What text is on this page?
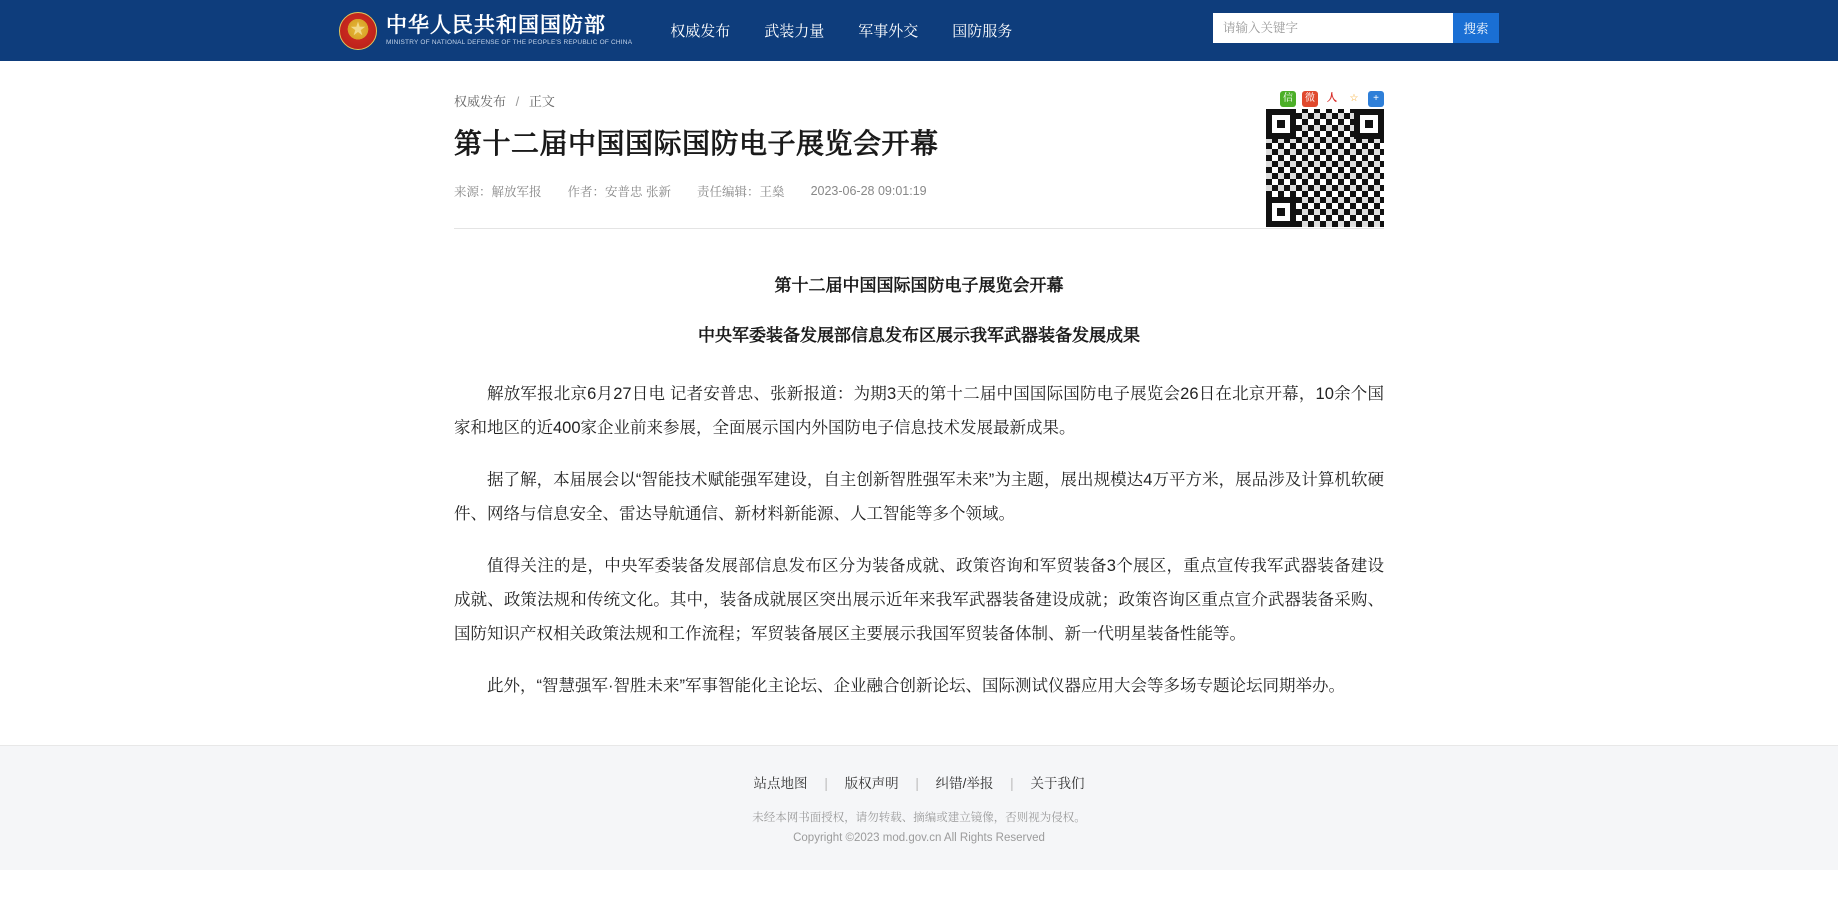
中华人民共和国国防部
MINISTRY OF NATIONAL DEFENSE OF THE PEOPLE'S REPUBLIC OF CHINA
权威发布 武装力量 军事外交 国防服务
请输入关键字	搜索
权威发布 / 正文	信	微	人	☆	+
第十二届中国国际国防电子展览会开幕
来源：解放军报 作者：安普忠 张新 责任编辑：王燊 2023-06-28 09:01:19
第十二届中国国际国防电子展览会开幕
中央军委装备发展部信息发布区展示我军武器装备发展成果

解放军报北京6月27日电 记者安普忠、张新报道：为期3天的第十二届中国国际国防电子展览会26日在北京开幕，10余个国家和地区的近400家企业前来参展，全面展示国内外国防电子信息技术发展最新成果。

据了解，本届展会以“智能技术赋能强军建设，自主创新智胜强军未来”为主题，展出规模达4万平方米，展品涉及计算机软硬件、网络与信息安全、雷达导航通信、新材料新能源、人工智能等多个领域。

值得关注的是，中央军委装备发展部信息发布区分为装备成就、政策咨询和军贸装备3个展区，重点宣传我军武器装备建设成就、政策法规和传统文化。其中，装备成就展区突出展示近年来我军武器装备建设成就；政策咨询区重点宣介武器装备采购、国防知识产权相关政策法规和工作流程；军贸装备展区主要展示我国军贸装备体制、新一代明星装备性能等。

此外，“智慧强军·智胜未来”军事智能化主论坛、企业融合创新论坛、国际测试仪器应用大会等多场专题论坛同期举办。

站点地图 | 版权声明 | 纠错/举报 | 关于我们
未经本网书面授权，请勿转载、摘编或建立镜像，否则视为侵权。
Copyright ©2023 mod.gov.cn All Rights Reserved
